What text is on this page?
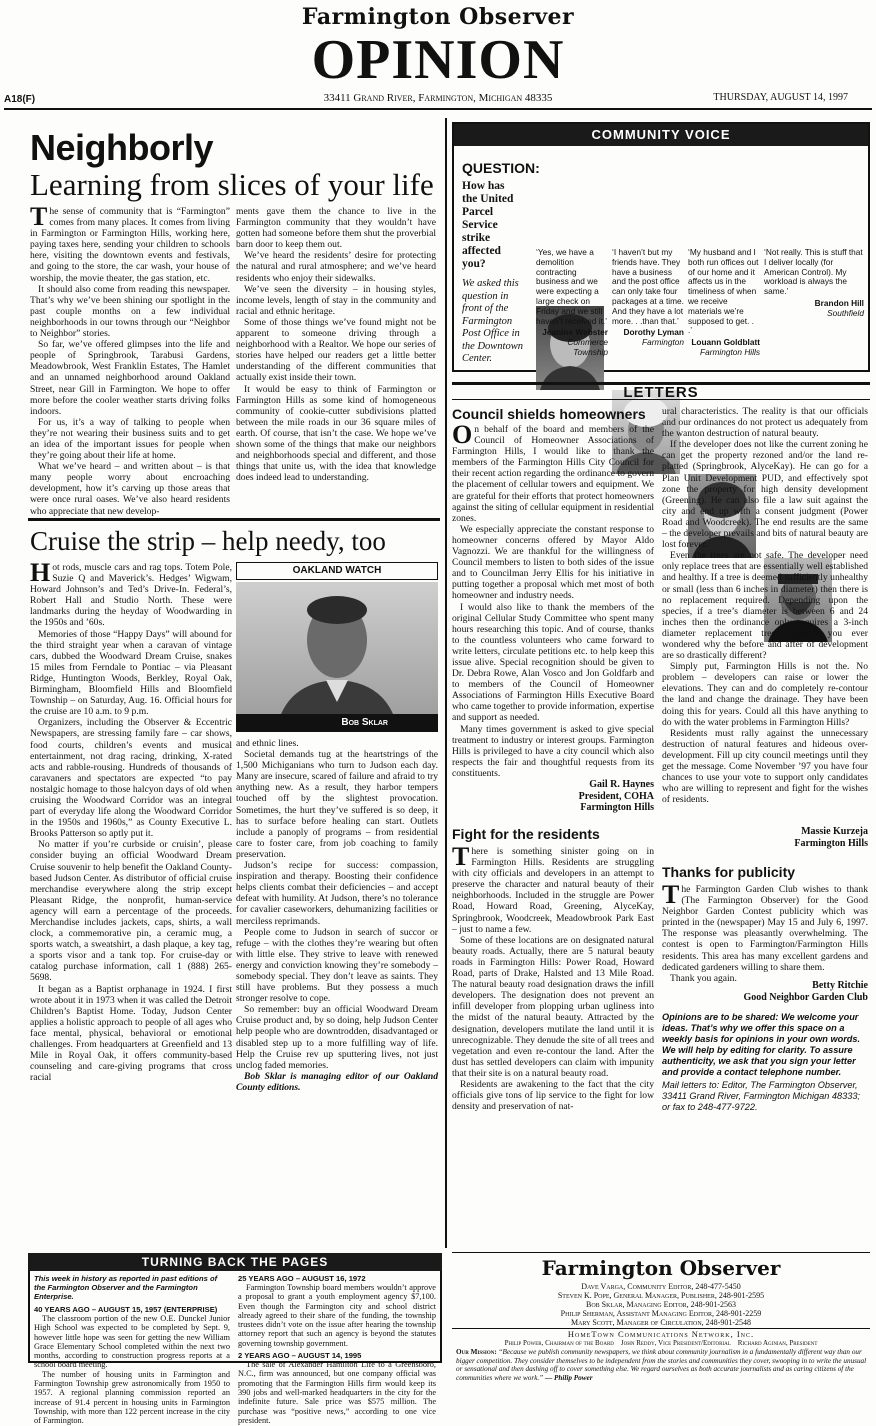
Farmington Observer
OPINION
A18(F)	33411 Grand River, Farmington, Michigan 48335	THURSDAY, AUGUST 14, 1997
Neighborly
Learning from slices of your life
T he sense of community that is “Farmington” comes from many places. It comes from living in Farmington or Farmington Hills, working here, paying taxes here, sending your children to schools here, visiting the downtown events and festivals, and going to the store, the car wash, your house of worship, the movie theater, the gas station, etc.

It should also come from reading this newspaper. That’s why we’ve been shining our spotlight in the past couple months on a few individual neighborhoods in our towns through our “Neighbor to Neighbor” stories.

So far, we’ve offered glimpses into the life and people of Springbrook, Tarabusi Gardens, Meadowbrook, West Franklin Estates, The Hamlet and an unnamed neighborhood around Oakland Street, near Gill in Farmington. We hope to offer more before the cooler weather starts driving folks indoors.

For us, it’s a way of talking to people when they’re not wearing their business suits and to get an idea of the important issues for people when they’re going about their life at home.

What we’ve heard – and written about – is that many people worry about encroaching development, how it’s carving up those areas that were once rural oases. We’ve also heard residents who appreciate that new develop-

ments gave them the chance to live in the Farmington community that they wouldn’t have gotten had someone before them shut the proverbial barn door to keep them out.

We’ve heard the residents’ desire for protecting the natural and rural atmosphere; and we’ve heard residents who enjoy their sidewalks.

We’ve seen the diversity – in housing styles, income levels, length of stay in the community and racial and ethnic heritage.

Some of those things we’ve found might not be apparent to someone driving through a neighborhood with a Realtor. We hope our series of stories have helped our readers get a little better understanding of the different communities that actually exist inside their town.

It would be easy to think of Farmington or Farmington Hills as some kind of homogeneous community of cookie-cutter subdivisions platted between the mile roads in our 36 square miles of earth. Of course, that isn’t the case. We hope we’ve shown some of the things that make our neighbors and neighborhoods special and different, and those things that unite us, with the idea that knowledge does indeed lead to understanding.

Cruise the strip – help needy, too
H ot rods, muscle cars and rag tops. Totem Pole, Suzie Q and Maverick’s. Hedges’ Wigwam, Howard Johnson’s and Ted’s Drive-In. Federal’s, Robert Hall and Studio North. These were landmarks during the heyday of Woodwarding in the 1950s and ’60s.

Memories of those “Happy Days” will abound for the third straight year when a caravan of vintage cars, dubbed the Woodward Dream Cruise, snakes 15 miles from Ferndale to Pontiac – via Pleasant Ridge, Huntington Woods, Berkley, Royal Oak, Birmingham, Bloomfield Hills and Bloomfield Township – on Saturday, Aug. 16. Official hours for the cruise are 10 a.m. to 9 p.m.

Organizers, including the Observer & Eccentric Newspapers, are stressing family fare – car shows, food courts, children’s events and musical entertainment, not drag racing, drinking, X-rated acts and rabble-rousing. Hundreds of thousands of caravaners and spectators are expected “to pay nostalgic homage to those halcyon days of old when cruising the Woodward Corridor was an integral part of everyday life along the Woodward Corridor in the 1950s and 1960s,” as County Executive L. Brooks Patterson so aptly put it.

No matter if you’re curbside or cruisin’, please consider buying an official Woodward Dream Cruise souvenir to help benefit the Oakland County-based Judson Center. As distributor of official cruise merchandise everywhere along the strip except Pleasant Ridge, the nonprofit, human-service agency will earn a percentage of the proceeds. Merchandise includes jackets, caps, shirts, a wall clock, a commemorative pin, a ceramic mug, a sports watch, a sweatshirt, a dash plaque, a key tag, a sports visor and a tank top. For cruise-day or catalog purchase information, call 1 (888) 265-5698.

It began as a Baptist orphanage in 1924. I first wrote about it in 1973 when it was called the Detroit Children’s Baptist Home. Today, Judson Center applies a holistic approach to people of all ages who face mental, physical, behavioral or emotional challenges. From headquarters at Greenfield and 13 Mile in Royal Oak, it offers community-based counseling and care-giving programs that cross racial

OAKLAND WATCH
Bob Sklar

and ethnic lines.

Societal demands tug at the heartstrings of the 1,500 Michiganians who turn to Judson each day. Many are insecure, scared of failure and afraid to try anything new. As a result, they harbor tempers touched off by the slightest provocation. Sometimes, the hurt they’ve suffered is so deep, it has to surface before healing can start. Outlets include a panoply of programs – from residential care to foster care, from job coaching to family preservation.

Judson’s recipe for success: compassion, inspiration and therapy. Boosting their confidence helps clients combat their deficiencies – and accept defeat with humility. At Judson, there’s no tolerance for cavalier caseworkers, dehumanizing facilities or merciless reprimands.

People come to Judson in search of succor or refuge – with the clothes they’re wearing but often with little else. They strive to leave with renewed energy and conviction knowing they’re somebody – somebody special. They don’t leave as saints. They still have problems. But they possess a much stronger resolve to cope.

So remember: buy an official Woodward Dream Cruise product and, by so doing, help Judson Center help people who are downtrodden, disadvantaged or disabled step up to a more fulfilling way of life. Help the Cruise rev up sputtering lives, not just unclog faded memories.

Bob Sklar is managing editor of our Oakland County editions.

COMMUNITY VOICE
QUESTION:
How has the United Parcel Service strike affected you?
We asked this question in front of the Farmington Post Office in the Downtown Center.
‘Yes, we have a demolition contracting business and we were expecting a large check on Friday and we still haven’t received it.’
Jeanine Webster
Commerce Township
‘I haven’t but my friends have. They have a business and the post office can only take four packages at a time. And they have a lot more. . .than that.’
Dorothy Lyman
Farmington
‘My husband and I both run offices out of our home and it affects us in the timeliness of when we receive materials we’re supposed to get. . .’
Louann Goldblatt
Farmington Hills
‘Not really. This is stuff that I deliver locally (for American Control). My workload is always the same.’
Brandon Hill
Southfield
LETTERS
Council shields homeowners
O n behalf of the board and members of the Council of Homeowner Associations of Farmington Hills, I would like to thank the members of the Farmington Hills City Council for their recent action regarding the ordinance to govern the placement of cellular towers and equipment. We are grateful for their efforts that protect homeowners against the siting of cellular equipment in residential zones.

We especially appreciate the constant response to homeowner concerns offered by Mayor Aldo Vagnozzi. We are thankful for the willingness of Council members to listen to both sides of the issue and to Councilman Jerry Ellis for his initiative in putting together a proposal which met most of both homeowner and industry needs.

I would also like to thank the members of the original Cellular Study Committee who spent many hours researching this topic. And of course, thanks to the countless volunteers who came forward to write letters, circulate petitions etc. to help keep this issue alive. Special recognition should be given to Dr. Debra Rowe, Alan Vosco and Jon Goldfarb and to members of the Council of Homeowner Associations of Farmington Hills Executive Board who came together to provide information, expertise and support as needed.

Many times government is asked to give special treatment to industry or interest groups. Farmington Hills is privileged to have a city council which also respects the fair and thoughtful requests from its constituents.

Gail R. Haynes
President, COHA
Farmington Hills
Fight for the residents
T here is something sinister going on in Farmington Hills. Residents are struggling with city officials and developers in an attempt to preserve the character and natural beauty of their neighborhoods. Included in the struggle are Power Road, Howard Road, Greening, AlyceKay, Springbrook, Woodcreek, Meadowbrook Park East – just to name a few.

Some of these locations are on designated natural beauty roads. Actually, there are 5 natural beauty roads in Farmington Hills: Power Road, Howard Road, parts of Drake, Halsted and 13 Mile Road. The natural beauty road designation draws the infill developers. The designation does not prevent an infill developer from plopping urban ugliness into the midst of the natural beauty. Attracted by the designation, developers mutilate the land until it is unrecognizable. They denude the site of all trees and vegetation and even re-contour the land. After the dust has settled developers can claim with impunity that their site is on a natural beauty road.

Residents are awakening to the fact that the city officials give tons of lip service to the fight for low density and preservation of nat-

ural characteristics. The reality is that our officials and our ordinances do not protect us adequately from the wanton destruction of natural beauty.

If the developer does not like the current zoning he can get the property rezoned and/or the land re-platted (Springbrook, AlyceKay). He can go for a Plan Unit Development PUD, and effectively spot zone the property for high density development (Greening). He can also file a law suit against the city and end up with a consent judgment (Power Road and Woodcreek). The end results are the same – the developer prevails and bits of natural beauty are lost forever.

Even the trees are not safe. The developer need only replace trees that are essentially well established and healthy. If a tree is deemed sufficiently unhealthy or small (less than 6 inches in diameter) then there is no replacement required. Depending upon the species, if a tree’s diameter is between 6 and 24 inches then the ordinance only requires a 3-inch diameter replacement tree. Haven’t you ever wondered why the before and after of development are so drastically different?

Simply put, Farmington Hills is not the. No problem – developers can raise or lower the elevations. They can and do completely re-contour the land and change the drainage. They have been doing this for years. Could all this have anything to do with the water problems in Farmington Hills?

Residents must rally against the unnecessary destruction of natural features and hideous over-development. Fill up city council meetings until they get the message. Come November ’97 you have four chances to use your vote to support only candidates who are willing to represent and fight for the wishes of residents.

Massie Kurzeja
Farmington Hills
Thanks for publicity
T he Farmington Garden Club wishes to thank (The Farmington Observer) for the Good Neighbor Garden Contest publicity which was printed in the (newspaper) May 15 and July 6, 1997. The response was pleasantly overwhelming. The contest is open to Farmington/Farmington Hills residents. This area has many excellent gardens and dedicated gardeners willing to share them.

Thank you again.

Betty Ritchie
Good Neighbor Garden Club
Opinions are to be shared: We welcome your ideas. That’s why we offer this space on a weekly basis for opinions in your own words. We will help by editing for clarity. To assure authenticity, we ask that you sign your letter and provide a contact telephone number.
Mail letters to: Editor, The Farmington Observer, 33411 Grand River, Farmington Michigan 48333; or fax to 248-477-9722.
TURNING BACK THE PAGES
This week in history as reported in past editions of the Farmington Observer and the Farmington Enterprise.
40 YEARS AGO – AUGUST 15, 1957 (ENTERPRISE)

The classroom portion of the new O.E. Dunckel Junior High School was expected to be completed by Sept. 9, however little hope was seen for getting the new William Grace Elementary School completed within the next two months, according to construction progress reports at a school board meeting.

The number of housing units in Farmington and Farmington Township grew astronomically from 1950 to 1957. A regional planning commission reported an increase of 91.4 percent in housing units in Farmington Township, with more than 122 percent increase in the city of Farmington.

25 YEARS AGO – AUGUST 16, 1972

Farmington Township board members wouldn’t approve a proposal to grant a youth employment agency $7,100. Even though the Farmington city and school district already agreed to their share of the funding, the township trustees didn’t vote on the issue after hearing the township attorney report that such an agency is beyond the statutes governing township government.

2 YEARS AGO – AUGUST 14, 1995

The sale of Alexander Hamilton Life to a Greensboro, N.C., firm was announced, but one company official was promoting that the Farmington Hills firm would keep its 390 jobs and well-marked headquarters in the city for the indefinite future. Sale price was $575 million. The purchase was “positive news,” according to one vice president.

Farmington Observer
Dave Varga, Community Editor, 248-477-5450
Steven K. Pope, General Manager, Publisher, 248-901-2595
Bob Sklar, Managing Editor, 248-901-2563
Philip Sherman, Assistant Managing Editor, 248-901-2259
Mary Scott, Manager of Circulation, 248-901-2548
HomeTown Communications Network, Inc.
Philip Power, Chairman of the Board    John Reddy, Vice President/Editorial    Richard Aginian, President
Our Mission: “Because we publish community newspapers, we think about community journalism in a fundamentally different way than our bigger competition. They consider themselves to be independent from the stories and communities they cover, swooping in to write the unusual or sensational and then dashing off to cover something else. We regard ourselves as both accurate journalists and as caring citizens of the communities where we work.” — Philip Power
